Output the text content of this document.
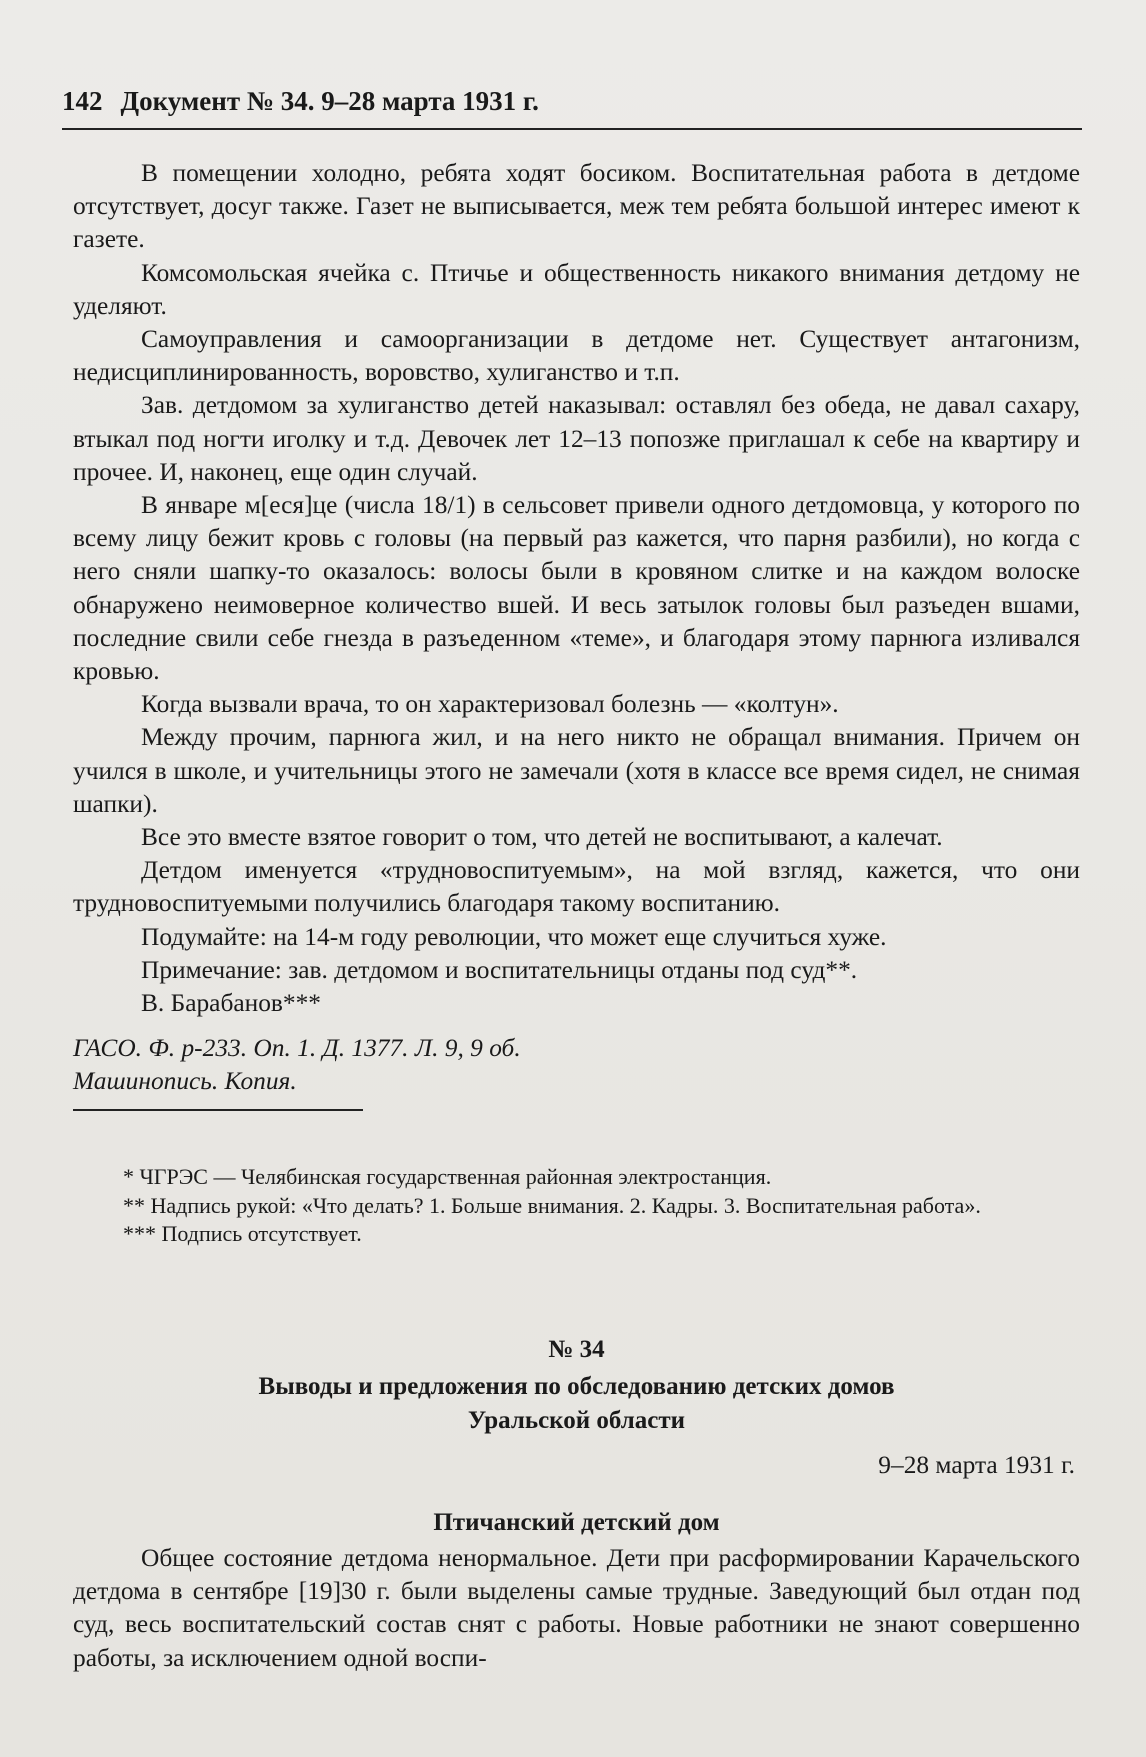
142 Документ № 34. 9–28 марта 1931 г.

В помещении холодно, ребята ходят босиком. Воспитательная работа в детдоме отсутствует, досуг также. Газет не выписывается, меж тем ребята большой интерес имеют к газете.

Комсомольская ячейка с. Птичье и общественность никакого внимания детдому не уделяют.

Самоуправления и самоорганизации в детдоме нет. Существует антагонизм, недисциплинированность, воровство, хулиганство и т.п.

Зав. детдомом за хулиганство детей наказывал: оставлял без обеда, не давал сахару, втыкал под ногти иголку и т.д. Девочек лет 12–13 попозже приглашал к себе на квартиру и прочее. И, наконец, еще один случай.

В январе м[еся]це (числа 18/1) в сельсовет привели одного детдомовца, у которого по всему лицу бежит кровь с головы (на первый раз кажется, что парня разбили), но когда с него сняли шапку-то оказалось: волосы были в кровяном слитке и на каждом волоске обнаружено неимоверное количество вшей. И весь затылок головы был разъеден вшами, последние свили себе гнезда в разъеденном «теме», и благодаря этому парнюга изливался кровью.

Когда вызвали врача, то он характеризовал болезнь — «колтун».

Между прочим, парнюга жил, и на него никто не обращал внимания. Причем он учился в школе, и учительницы этого не замечали (хотя в классе все время сидел, не снимая шапки).

Все это вместе взятое говорит о том, что детей не воспитывают, а калечат.

Детдом именуется «трудновоспитуемым», на мой взгляд, кажется, что они трудновоспитуемыми получились благодаря такому воспитанию.

Подумайте: на 14-м году революции, что может еще случиться хуже.

Примечание: зав. детдомом и воспитательницы отданы под суд**.

В. Барабанов***

ГАСО. Ф. р-233. Оп. 1. Д. 1377. Л. 9, 9 об.

Машинопись. Копия.

* ЧГРЭС — Челябинская государственная районная электростанция.

** Надпись рукой: «Что делать? 1. Больше внимания. 2. Кадры. 3. Воспитательная работа».

*** Подпись отсутствует.

№ 34
Выводы и предложения по обследованию детских домов
Уральской области
9–28 марта 1931 г.
Птичанский детский дом

Общее состояние детдома ненормальное. Дети при расформировании Карачельского детдома в сентябре [19]30 г. были выделены самые трудные. Заведующий был отдан под суд, весь воспитательский состав снят с работы. Новые работники не знают совершенно работы, за исключением одной воспи-
